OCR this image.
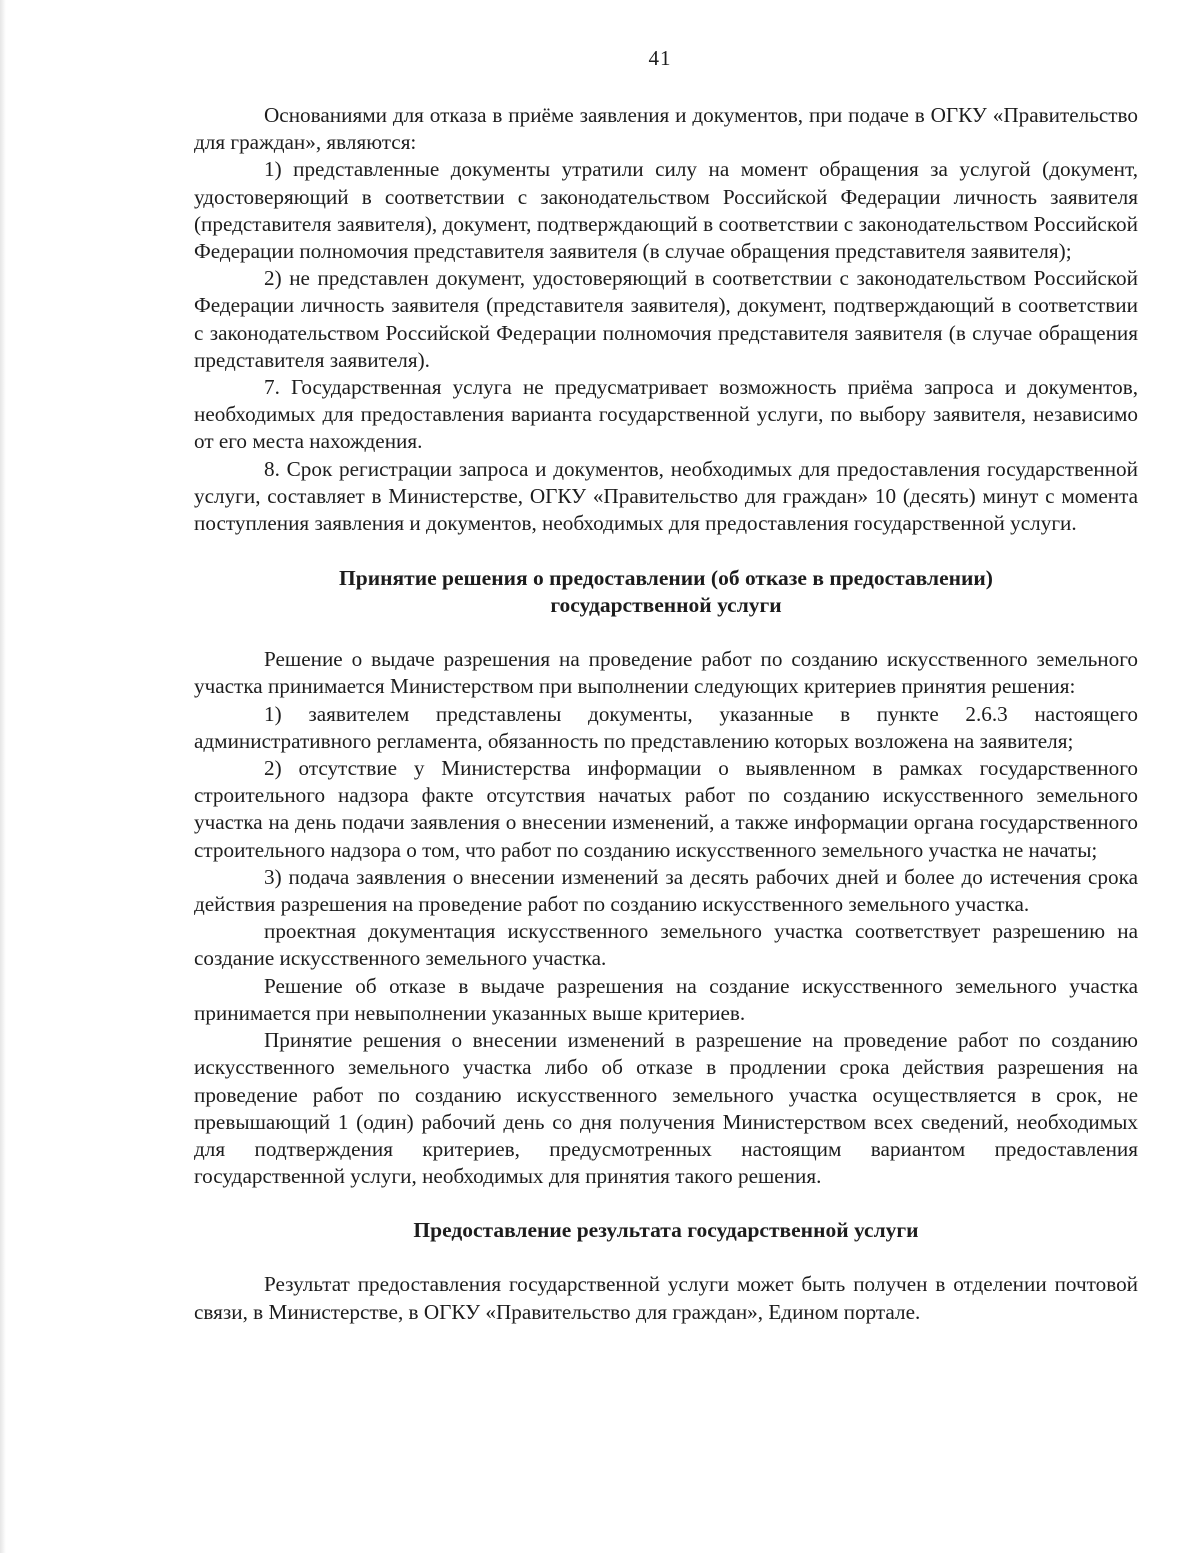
41

Основаниями для отказа в приёме заявления и документов, при подаче в ОГКУ «Правительство для граждан», являются:

1) представленные документы утратили силу на момент обращения за услугой (документ, удостоверяющий в соответствии с законодательством Российской Федерации личность заявителя (представителя заявителя), документ, подтверждающий в соответствии с законодательством Российской Федерации полномочия представителя заявителя (в случае обращения представителя заявителя);

2) не представлен документ, удостоверяющий в соответствии с законодательством Российской Федерации личность заявителя (представителя заявителя), документ, подтверждающий в соответствии с законодательством Российской Федерации полномочия представителя заявителя (в случае обращения представителя заявителя).

7. Государственная услуга не предусматривает возможность приёма запроса и документов, необходимых для предоставления варианта государственной услуги, по выбору заявителя, независимо от его места нахождения.

8. Срок регистрации запроса и документов, необходимых для предоставления государственной услуги, составляет в Министерстве, ОГКУ «Правительство для граждан» 10 (десять) минут с момента поступления заявления и документов, необходимых для предоставления государственной услуги.

Принятие решения о предоставлении (об отказе в предоставлении)
государственной услуги

Решение о выдаче разрешения на проведение работ по созданию искусственного земельного участка принимается Министерством при выполнении следующих критериев принятия решения:

1) заявителем представлены документы, указанные в пункте 2.6.3 настоящего административного регламента, обязанность по представлению которых возложена на заявителя;

2) отсутствие у Министерства информации о выявленном в рамках государственного строительного надзора факте отсутствия начатых работ по созданию искусственного земельного участка на день подачи заявления о внесении изменений, а также информации органа государственного строительного надзора о том, что работ по созданию искусственного земельного участка не начаты;

3) подача заявления о внесении изменений за десять рабочих дней и более до истечения срока действия разрешения на проведение работ по созданию искусственного земельного участка.

проектная документация искусственного земельного участка соответствует разрешению на создание искусственного земельного участка.

Решение об отказе в выдаче разрешения на создание искусственного земельного участка принимается при невыполнении указанных выше критериев.

Принятие решения о внесении изменений в разрешение на проведение работ по созданию искусственного земельного участка либо об отказе в продлении срока действия разрешения на проведение работ по созданию искусственного земельного участка осуществляется в срок, не превышающий 1 (один) рабочий день со дня получения Министерством всех сведений, необходимых для подтверждения критериев, предусмотренных настоящим вариантом предоставления государственной услуги, необходимых для принятия такого решения.

Предоставление результата государственной услуги

Результат предоставления государственной услуги может быть получен в отделении почтовой связи, в Министерстве, в ОГКУ «Правительство для граждан», Едином портале.
